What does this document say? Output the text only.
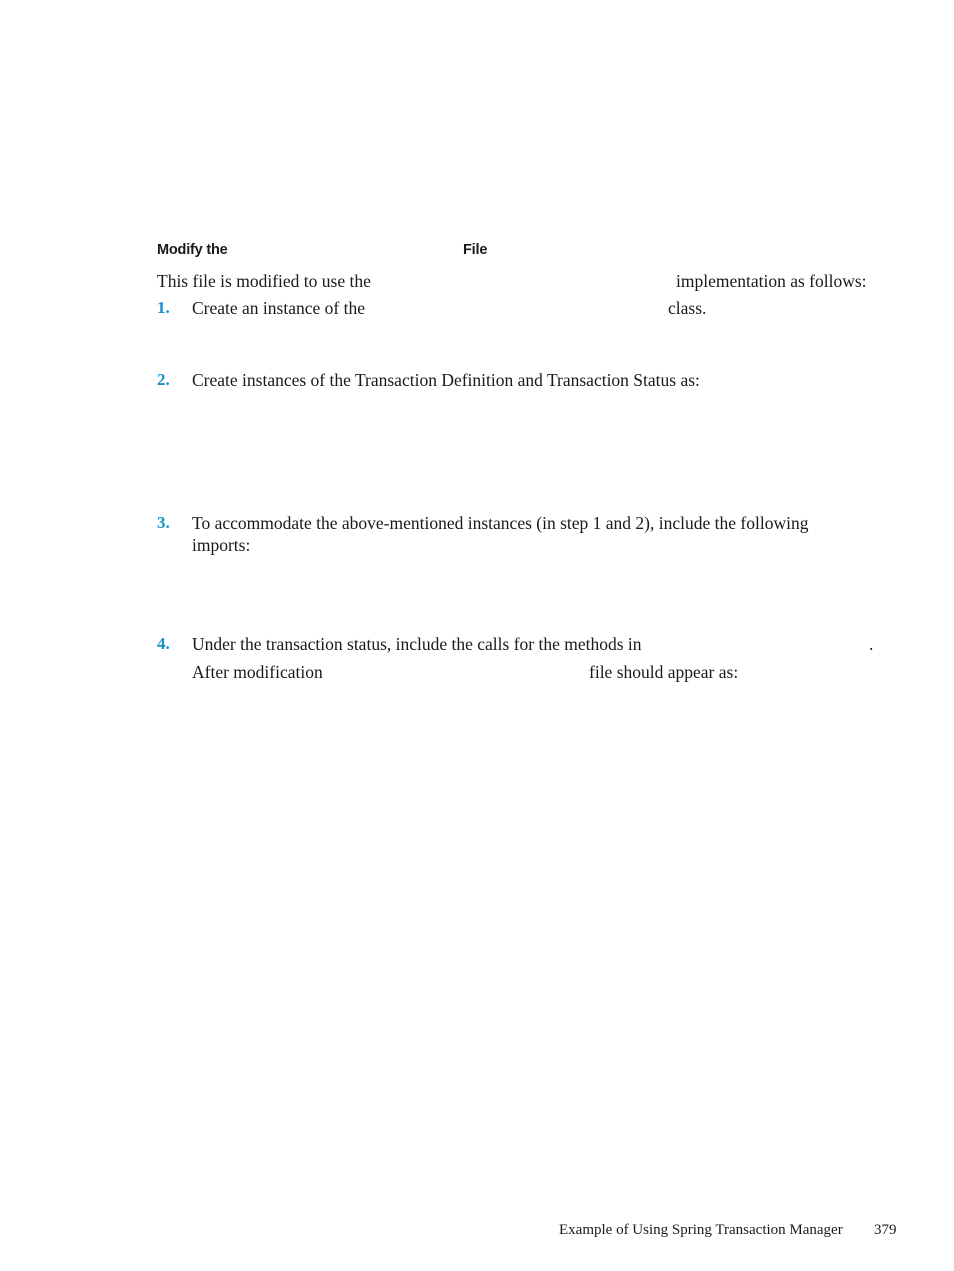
Modify the	File
This file is modified to use the	implementation as follows:
1. Create an instance of the	class.
2. Create instances of the Transaction Definition and Transaction Status as:
3. To accommodate the above-mentioned instances (in step 1 and 2), include the following
imports:
4. Under the transaction status, include the calls for the methods in	.
After modification	file should appear as:
Example of Using Spring Transaction Manager 379
